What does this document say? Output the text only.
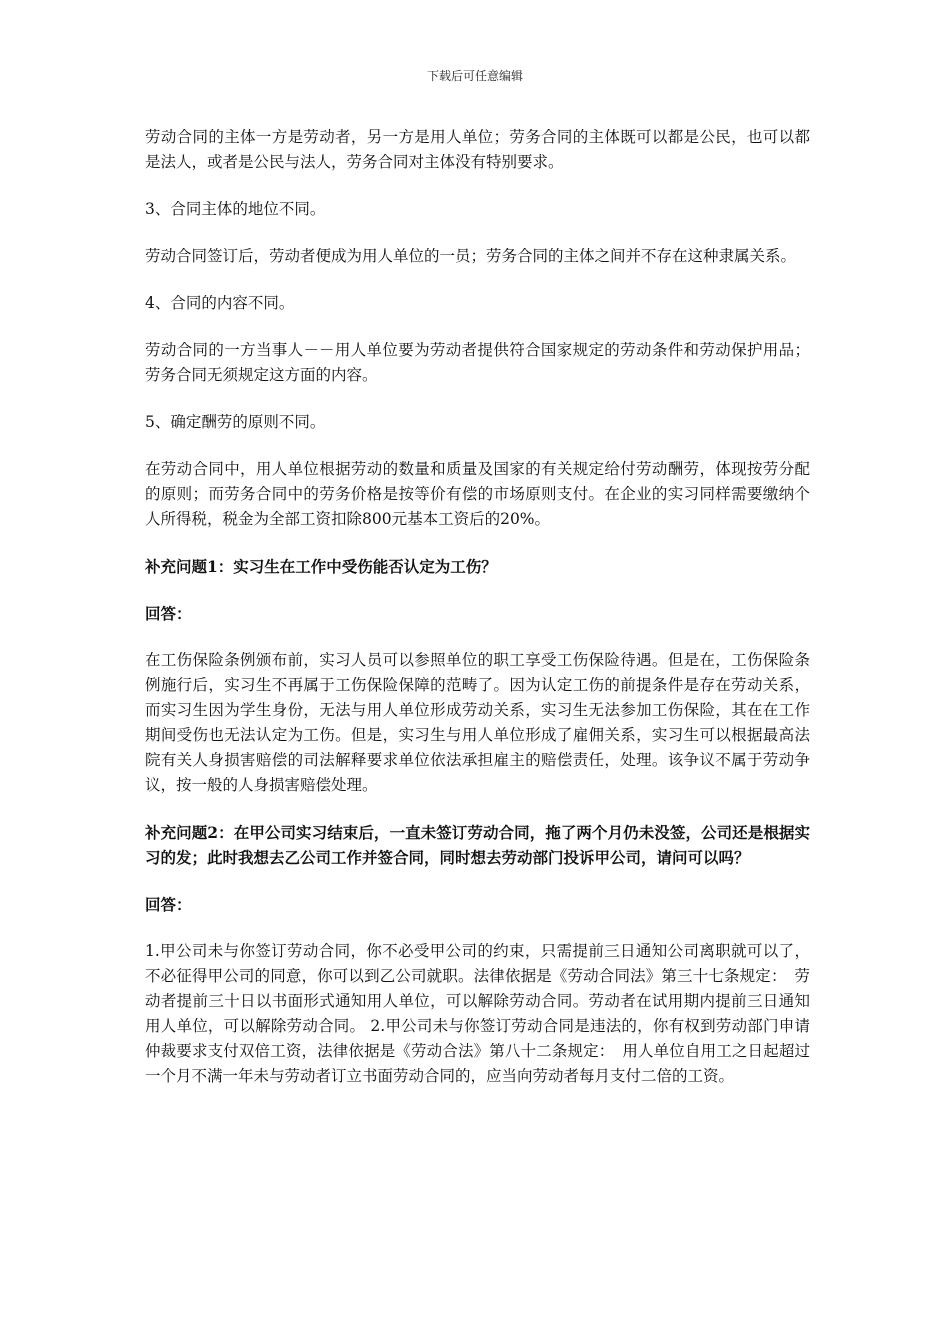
下载后可任意编辑

劳动合同的主体一方是劳动者，另一方是用人单位；劳务合同的主体既可以都是公民，也可以都是法人，或者是公民与法人，劳务合同对主体没有特别要求。

3、合同主体的地位不同。

劳动合同签订后，劳动者便成为用人单位的一员；劳务合同的主体之间并不存在这种隶属关系。

4、合同的内容不同。

劳动合同的一方当事人－－用人单位要为劳动者提供符合国家规定的劳动条件和劳动保护用品；劳务合同无须规定这方面的内容。

5、确定酬劳的原则不同。

在劳动合同中，用人单位根据劳动的数量和质量及国家的有关规定给付劳动酬劳，体现按劳分配的原则；而劳务合同中的劳务价格是按等价有偿的市场原则支付。在企业的实习同样需要缴纳个人所得税，税金为全部工资扣除800元基本工资后的20%。

补充问题1：实习生在工作中受伤能否认定为工伤？

回答：

在工伤保险条例颁布前，实习人员可以参照单位的职工享受工伤保险待遇。但是在，工伤保险条例施行后，实习生不再属于工伤保险保障的范畴了。因为认定工伤的前提条件是存在劳动关系，而实习生因为学生身份，无法与用人单位形成劳动关系，实习生无法参加工伤保险，其在在工作期间受伤也无法认定为工伤。但是，实习生与用人单位形成了雇佣关系，实习生可以根据最高法院有关人身损害赔偿的司法解释要求单位依法承担雇主的赔偿责任，处理。该争议不属于劳动争议，按一般的人身损害赔偿处理。

补充问题2：在甲公司实习结束后，一直未签订劳动合同，拖了两个月仍未没签，公司还是根据实习的发；此时我想去乙公司工作并签合同，同时想去劳动部门投诉甲公司，请问可以吗？

回答：

1.甲公司未与你签订劳动合同，你不必受甲公司的约束，只需提前三日通知公司离职就可以了，不必征得甲公司的同意，你可以到乙公司就职。法律依据是《劳动合同法》第三十七条规定：　劳动者提前三十日以书面形式通知用人单位，可以解除劳动合同。劳动者在试用期内提前三日通知用人单位，可以解除劳动合同。 2.甲公司未与你签订劳动合同是违法的，你有权到劳动部门申请仲裁要求支付双倍工资，法律依据是《劳动合法》第八十二条规定：　用人单位自用工之日起超过一个月不满一年未与劳动者订立书面劳动合同的，应当向劳动者每月支付二倍的工资。
